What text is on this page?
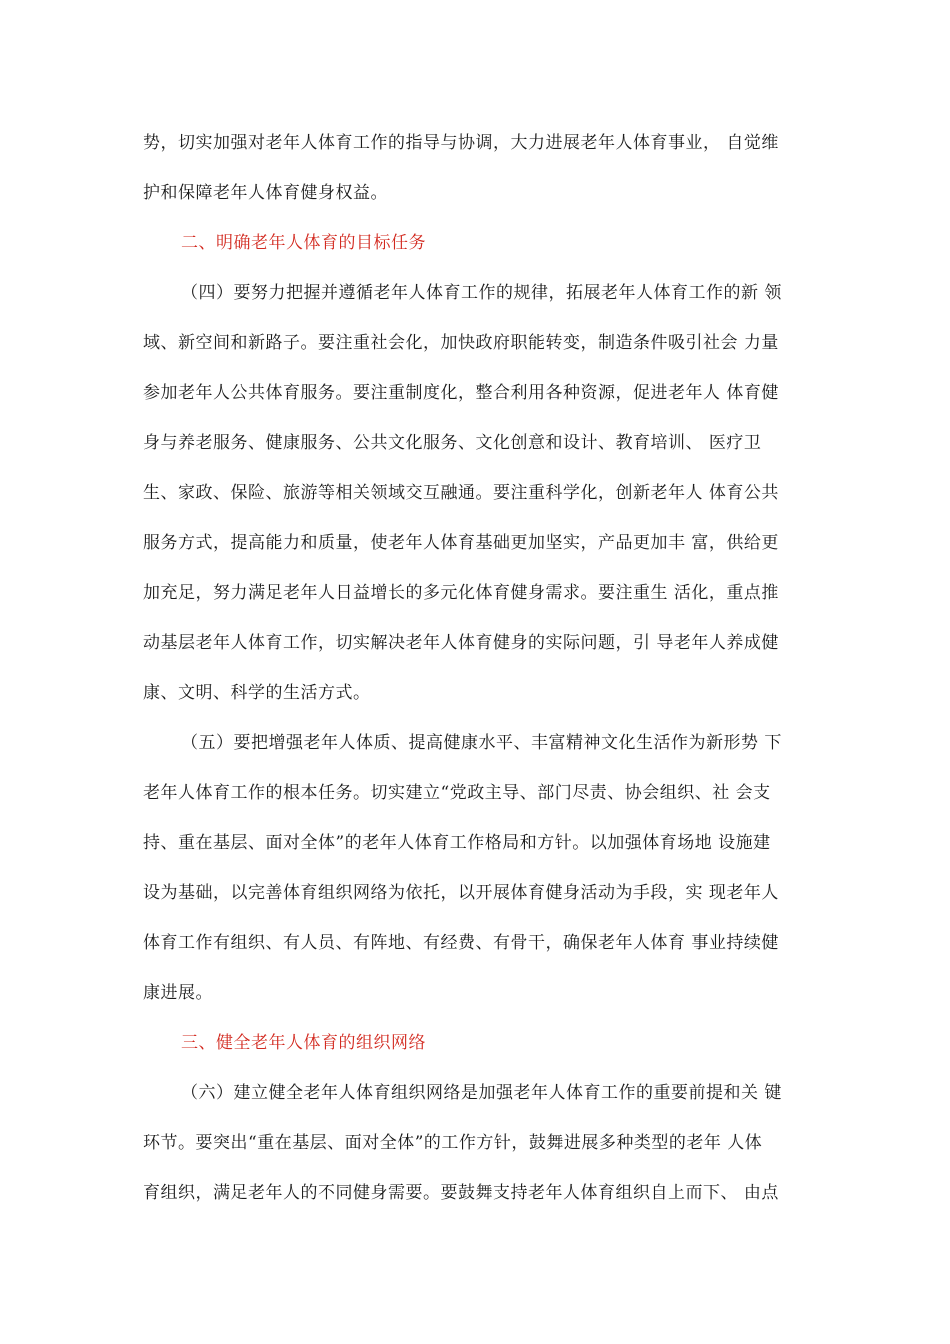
势，切实加强对老年人体育工作的指导与协调，大力进展老年人体育事业， 自觉维
护和保障老年人体育健身权益。
二、明确老年人体育的目标任务
（四）要努力把握并遵循老年人体育工作的规律，拓展老年人体育工作的新 领
域、新空间和新路子。要注重社会化，加快政府职能转变，制造条件吸引社会 力量
参加老年人公共体育服务。要注重制度化，整合利用各种资源，促进老年人 体育健
身与养老服务、健康服务、公共文化服务、文化创意和设计、教育培训、 医疗卫
生、家政、保险、旅游等相关领域交互融通。要注重科学化，创新老年人 体育公共
服务方式，提高能力和质量，使老年人体育基础更加坚实，产品更加丰 富，供给更
加充足，努力满足老年人日益增长的多元化体育健身需求。要注重生 活化，重点推
动基层老年人体育工作，切实解决老年人体育健身的实际问题，引 导老年人养成健
康、文明、科学的生活方式。
（五）要把增强老年人体质、提高健康水平、丰富精神文化生活作为新形势 下
老年人体育工作的根本任务。切实建立“党政主导、部门尽责、协会组织、社 会支
持、重在基层、面对全体”的老年人体育工作格局和方针。以加强体育场地 设施建
设为基础，以完善体育组织网络为依托，以开展体育健身活动为手段，实 现老年人
体育工作有组织、有人员、有阵地、有经费、有骨干，确保老年人体育 事业持续健
康进展。
三、健全老年人体育的组织网络
（六）建立健全老年人体育组织网络是加强老年人体育工作的重要前提和关 键
环节。要突出“重在基层、面对全体”的工作方针，鼓舞进展多种类型的老年 人体
育组织，满足老年人的不同健身需要。要鼓舞支持老年人体育组织自上而下、 由点
